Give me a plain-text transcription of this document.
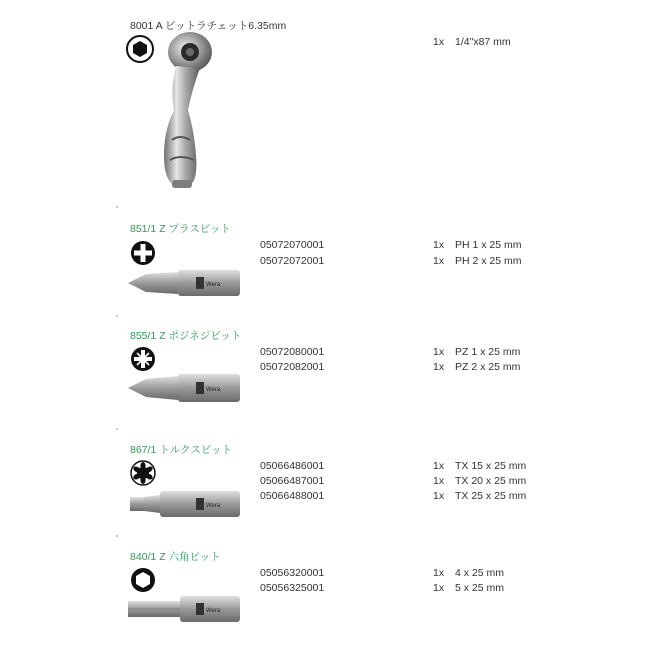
8001 A ビットラチェット6.35mm
1x 1/4"x87 mm
851/1 Z プラスビット
Wera
05072070001	1x PH 1 x 25 mm
05072072001	1x PH 2 x 25 mm
855/1 Z ポジネジビット
Wera
05072080001	1x PZ 1 x 25 mm
05072082001	1x PZ 2 x 25 mm
867/1 トルクスビット
Wera
05066486001	1x TX 15 x 25 mm
05066487001	1x TX 20 x 25 mm
05066488001	1x TX 25 x 25 mm
840/1 Z 六角ビット
Wera
05056320001	1x 4 x 25 mm
05056325001	1x 5 x 25 mm
